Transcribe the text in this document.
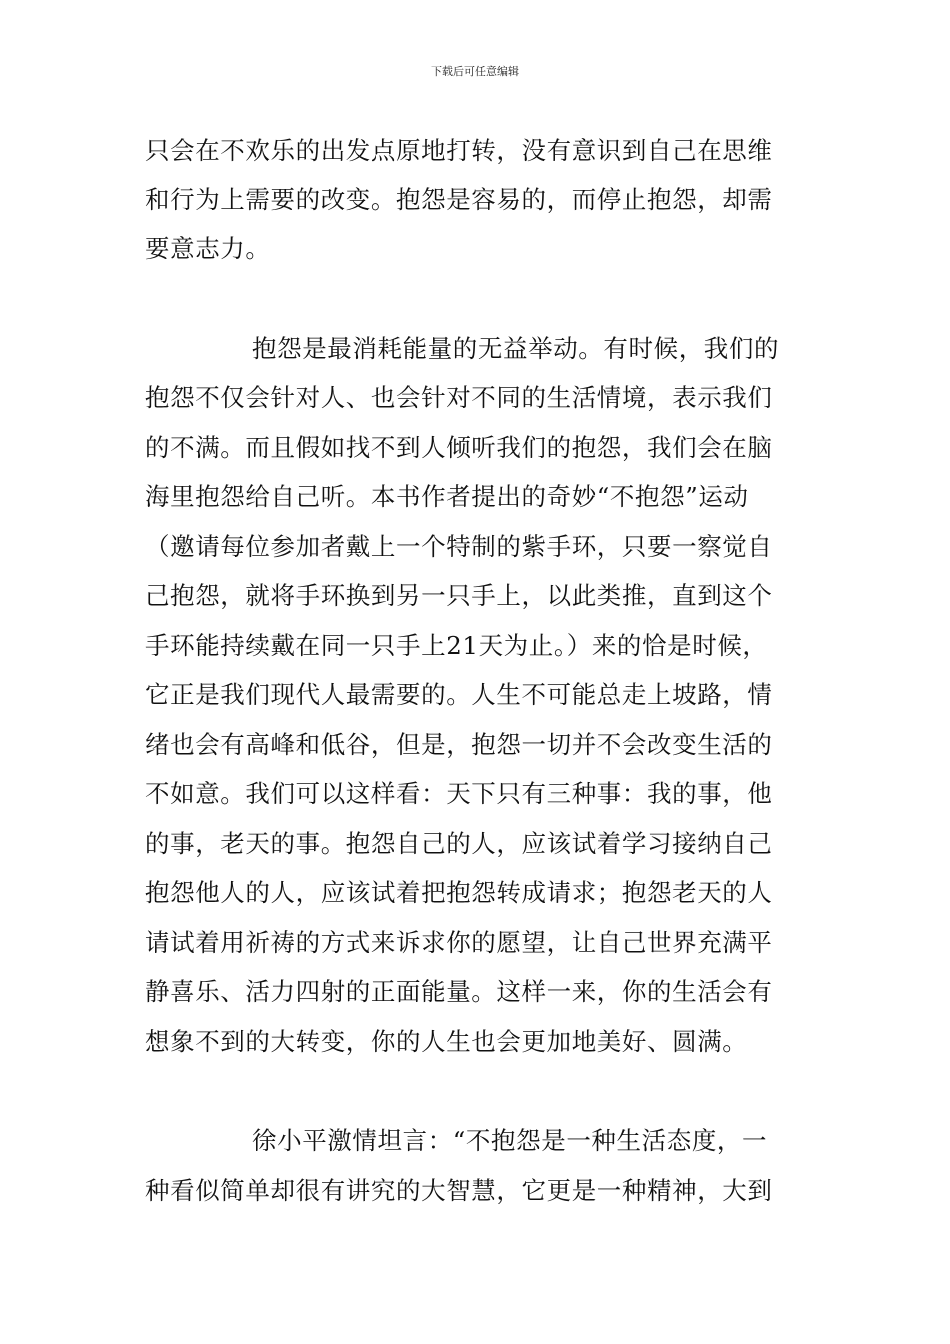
下载后可任意编辑
只会在不欢乐的出发点原地打转，没有意识到自己在思维
和行为上需要的改变。抱怨是容易的，而停止抱怨，却需
要意志力。
抱怨是最消耗能量的无益举动。有时候，我们的
抱怨不仅会针对人、也会针对不同的生活情境，表示我们
的不满。而且假如找不到人倾听我们的抱怨，我们会在脑
海里抱怨给自己听。本书作者提出的奇妙“不抱怨”运动
（邀请每位参加者戴上一个特制的紫手环，只要一察觉自
己抱怨，就将手环换到另一只手上，以此类推，直到这个
手环能持续戴在同一只手上21天为止。）来的恰是时候，
它正是我们现代人最需要的。人生不可能总走上坡路，情
绪也会有高峰和低谷，但是，抱怨一切并不会改变生活的
不如意。我们可以这样看：天下只有三种事：我的事，他
的事，老天的事。抱怨自己的人，应该试着学习接纳自己
抱怨他人的人，应该试着把抱怨转成请求；抱怨老天的人
请试着用祈祷的方式来诉求你的愿望，让自己世界充满平
静喜乐、活力四射的正面能量。这样一来，你的生活会有
想象不到的大转变，你的人生也会更加地美好、圆满。
徐小平激情坦言：“不抱怨是一种生活态度，一
种看似简单却很有讲究的大智慧，它更是一种精神，大到
